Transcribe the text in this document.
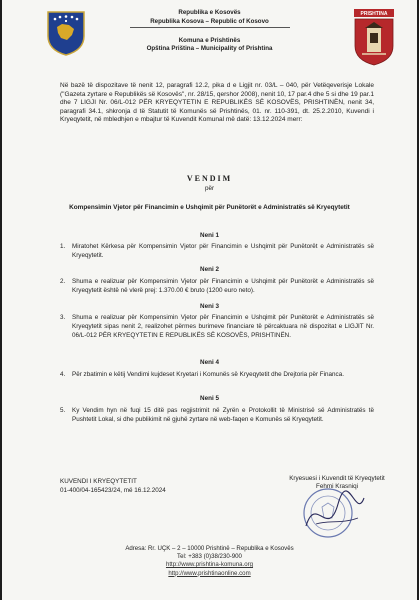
Republika e Kosovës
Republika Kosova – Republic of Kosovo
Komuna e Prishtinës
Opština Priština – Municipality of Prishtina
PRISHTINA
Në bazë të dispozitave të nenit 12, paragrafi 12.2, pika d e Ligjit nr. 03/L – 040, për Vetëqeverisje Lokale ("Gazeta zyrtare e Republikës së Kosovës", nr. 28/15, qershor 2008), nenit 10, 17 par.4 dhe 5 si dhe 19 par.1 dhe 7 LIGJI Nr. 06/L-012 PËR KRYEQYTETIN E REPUBLIKËS SË KOSOVËS, PRISHTINËN, nenit 34, paragrafi 34.1, shkronja d të Statutit të Komunës së Prishtinës, 01. nr. 110-391, dt. 25.2.2010, Kuvendi i Kryeqytetit, në mbledhjen e mbajtur të Kuvendit Komunal më datë: 13.12.2024 merr:
VENDIM
për
Kompensimin Vjetor për Financimin e Ushqimit për Punëtorët e Administratës së Kryeqytetit
Neni 1
1.	Miratohet Kërkesa për Kompensimin Vjetor për Financimin e Ushqimit për Punëtorët e Administratës së Kryeqytetit.
Neni 2
2.	Shuma e realizuar për Kompensimin Vjetor për Financimin e Ushqimit për Punëtorët e Administratës së Kryeqytetit është në vlerë prej: 1.370.00 € bruto (1200 euro neto).
Neni 3
3.	Shuma e realizuar për Kompensimin Vjetor për Financimin e Ushqimit për Punëtorët e Administratës së Kryeqytetit sipas nenit 2, realizohet përmes burimeve financiare të përcaktuara në dispozitat e LIGJIT Nr. 06/L-012 PËR KRYEQYTETIN E REPUBLIKËS SË KOSOVËS, PRISHTINËN.
Neni 4
4.	Për zbatimin e këtij Vendimi kujdeset Kryetari i Komunës së Kryeqytetit dhe Drejtoria për Financa.
Neni 5
5.	Ky Vendim hyn në fuqi 15 ditë pas regjistrimit në Zyrën e Protokollit të Ministrisë së Administratës të Pushtetit Lokal, si dhe publikimit në gjuhë zyrtare në web-faqen e Komunës së Kryeqytetit.
KUVENDI I KRYEQYTETIT
01-400/04-165423/24, më 16.12.2024
Kryesuesi i Kuvendit të Kryeqytetit
Fehmi Krasniqi
Adresa: Rr. UÇK – 2 – 10000 Prishtinë – Republika e Kosovës
Tel: +383 (0)38/230-900
http://www.prishtina-komuna.org
http://www.prishtinaonline.com
